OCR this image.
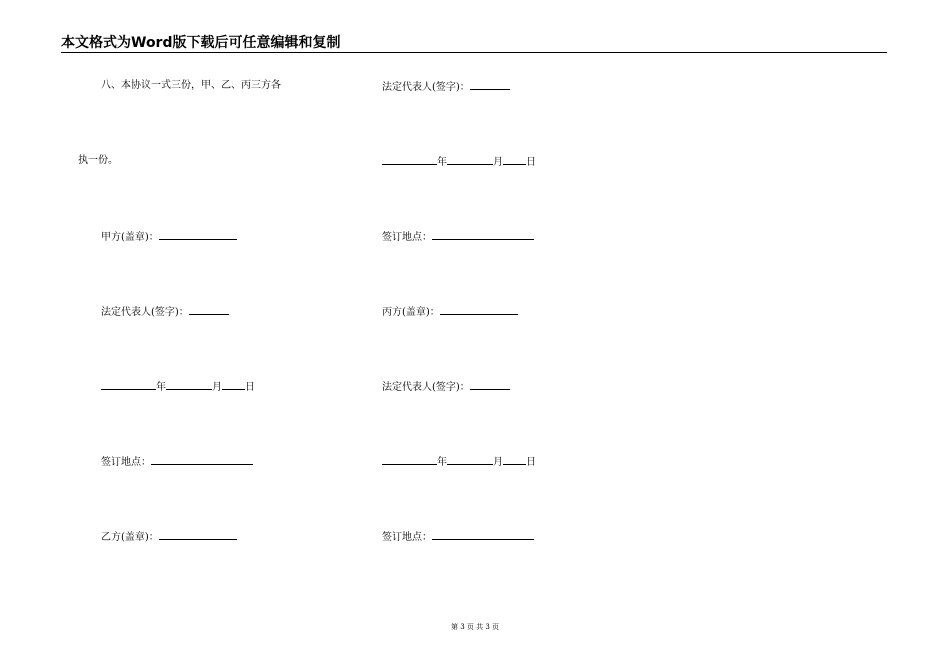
本文格式为Word版下载后可任意编辑和复制
八、本协议一式三份，甲、乙、丙三方各
执一份。
甲方(盖章)：
法定代表人(签字)：
年	月 日
签订地点：
乙方(盖章)：
法定代表人(签字)：
年	月 日
签订地点：
丙方(盖章)：
法定代表人(签字)：
年	月 日
签订地点：
第 3 页 共 3 页
